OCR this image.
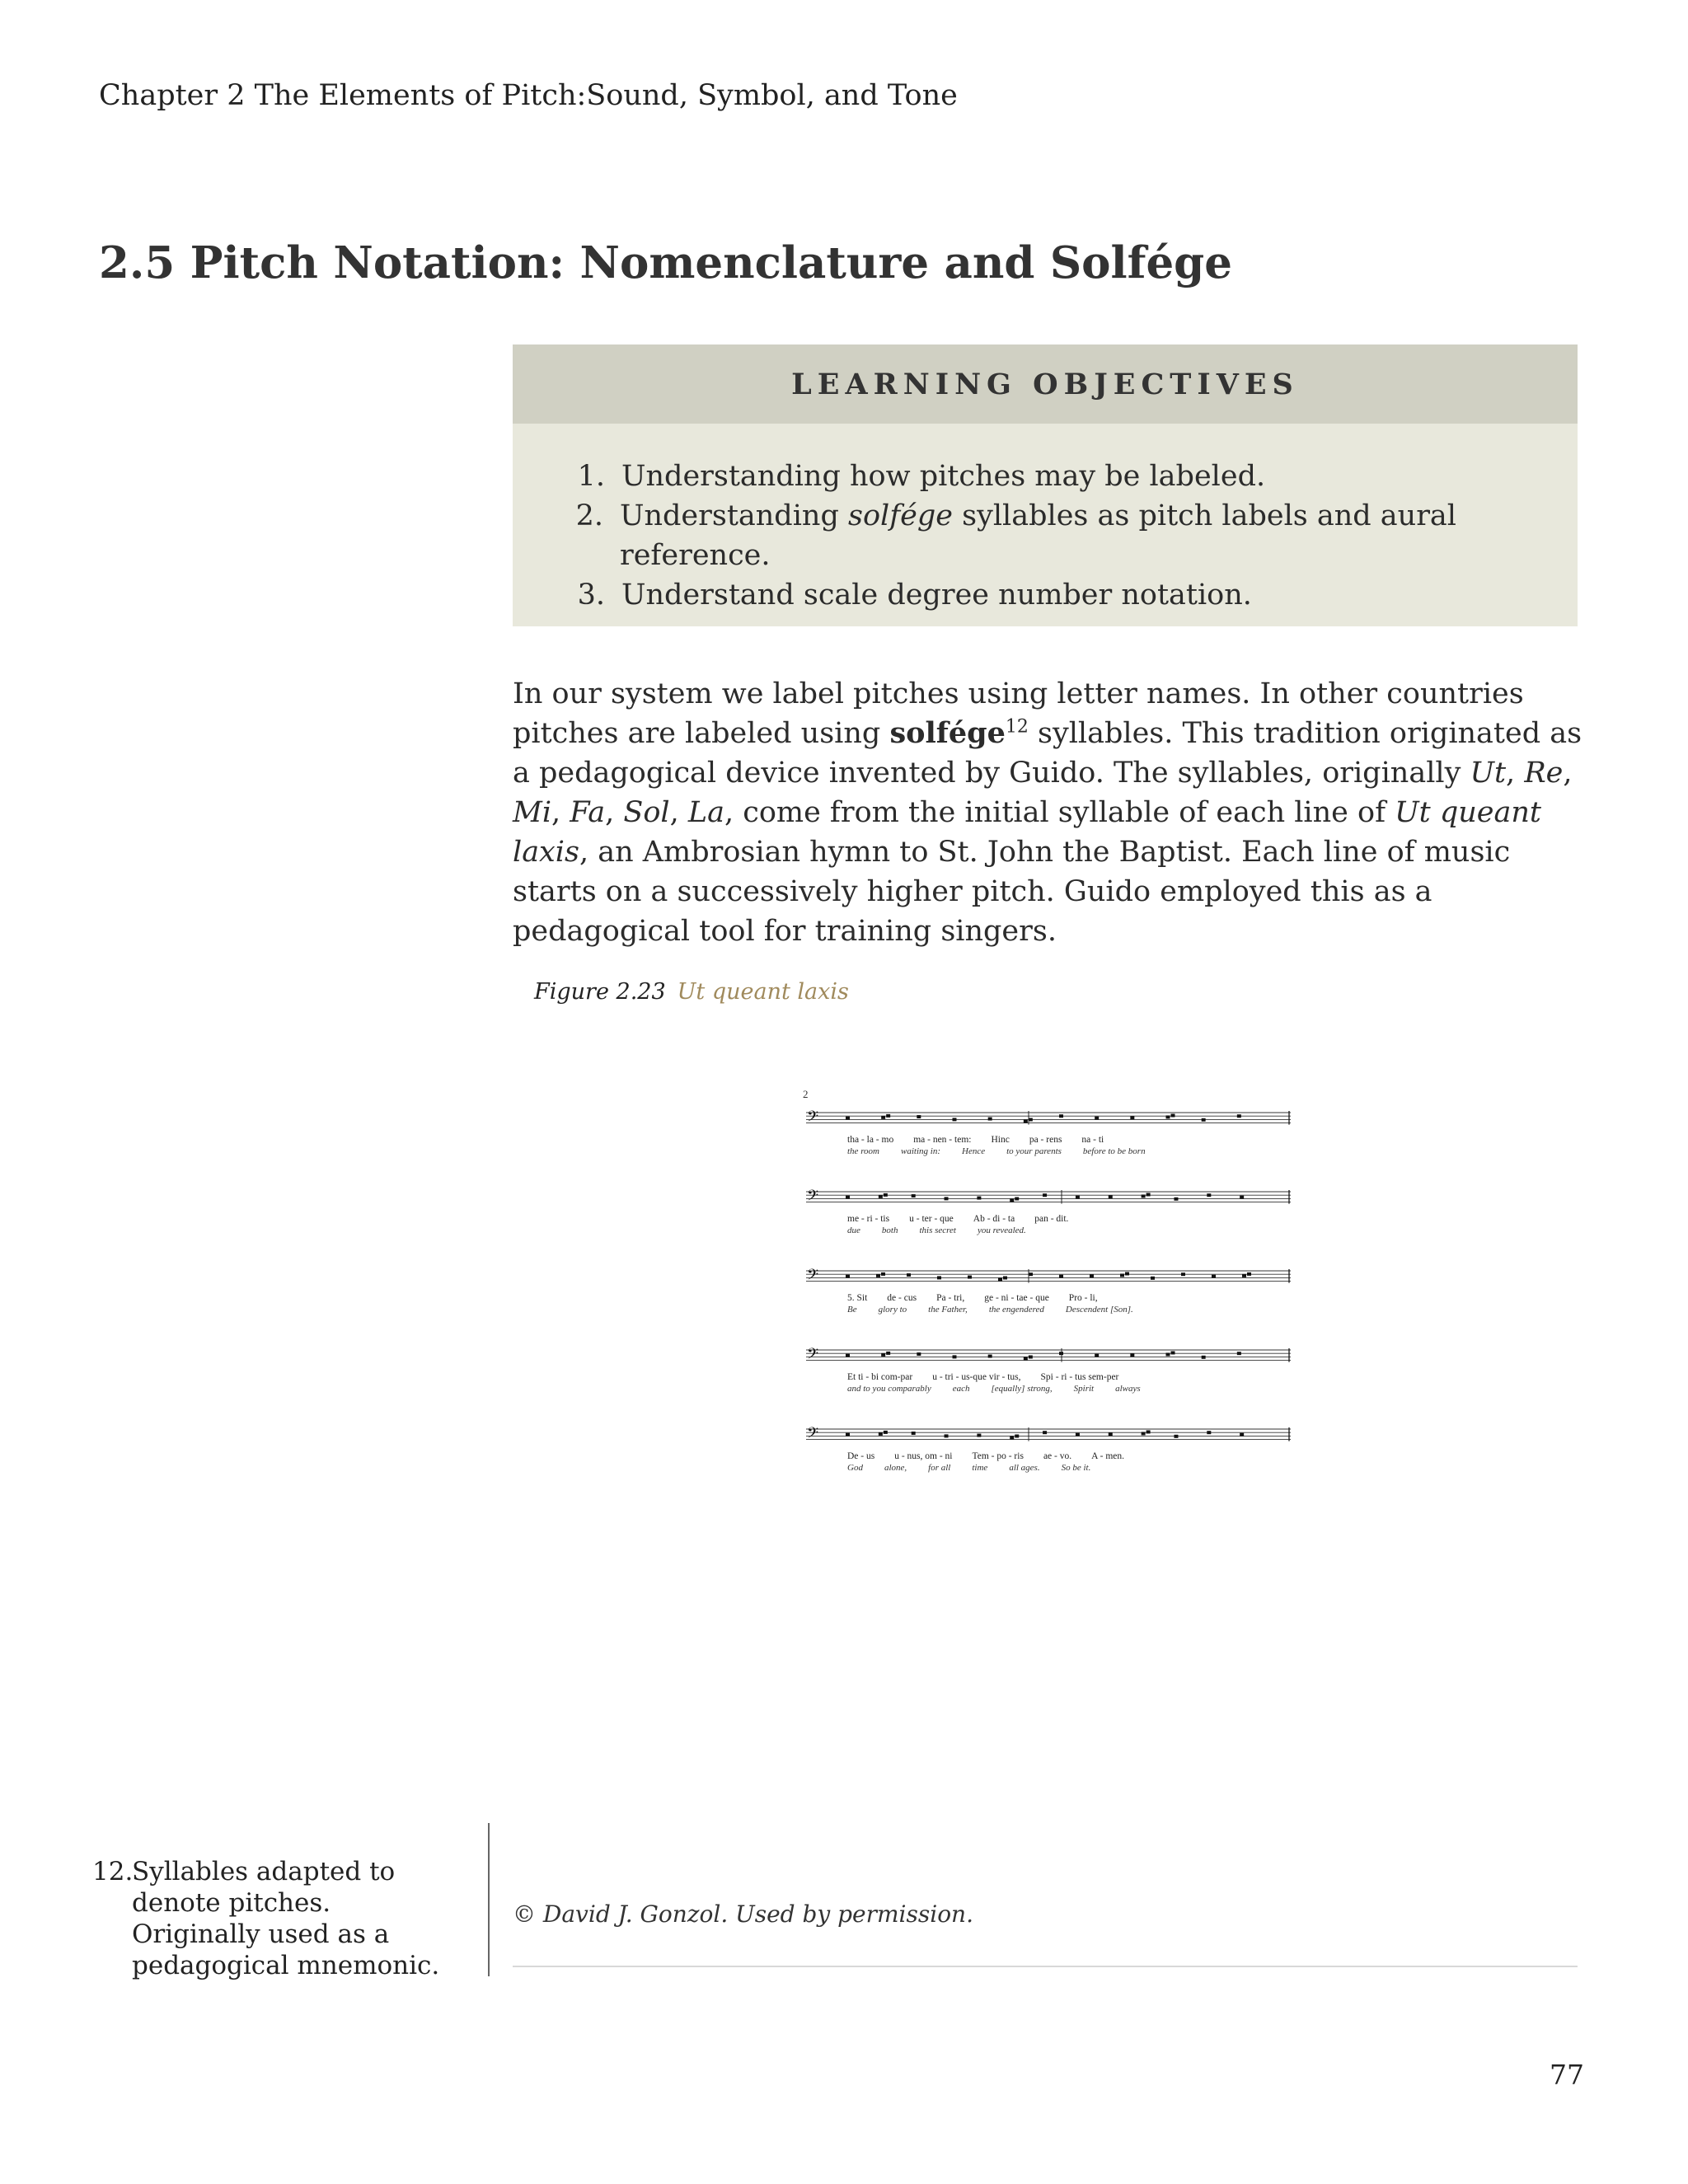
Chapter 2 The Elements of Pitch:Sound, Symbol, and Tone
2.5 Pitch Notation: Nomenclature and Solfége
LEARNING OBJECTIVES
1. Understanding how pitches may be labeled.
2. Understanding solfége syllables as pitch labels and aural reference.
3. Understand scale degree number notation.

In our system we label pitches using letter names. In other countries pitches are labeled using solfége$^{12}$ syllables. This tradition originated as a pedagogical device invented by Guido. The syllables, originally Ut, Re, Mi, Fa, Sol, La, come from the initial syllable of each line of Ut queant laxis, an Ambrosian hymn to St. John the Baptist. Each line of music starts on a successively higher pitch. Guido employed this as a pedagogical tool for training singers.

Figure 2.23 Ut queant laxis
2
𝄢
tha - la - mo ma - nen - tem: Hinc pa - rens na - ti
the room waiting in: Hence to your parents before to be born
𝄢
me - ri - tis u - ter - que Ab - di - ta pan - dit.
due both this secret you revealed.
𝄢
5. Sit de - cus Pa - tri, ge - ni - tae - que Pro - li,
Be glory to the Father, the engendered Descendent [Son].
𝄢
Et ti - bi com-par u - tri - us-que vir - tus, Spi - ri - tus sem-per
and to you comparably each [equally] strong, Spirit always
𝄢
De - us u - nus, om - ni Tem - po - ris ae - vo. A - men.
God alone, for all time all ages. So be it.
12.
Syllables adapted to denote pitches. Originally used as a pedagogical mnemonic.
© David J. Gonzol. Used by permission.
77
